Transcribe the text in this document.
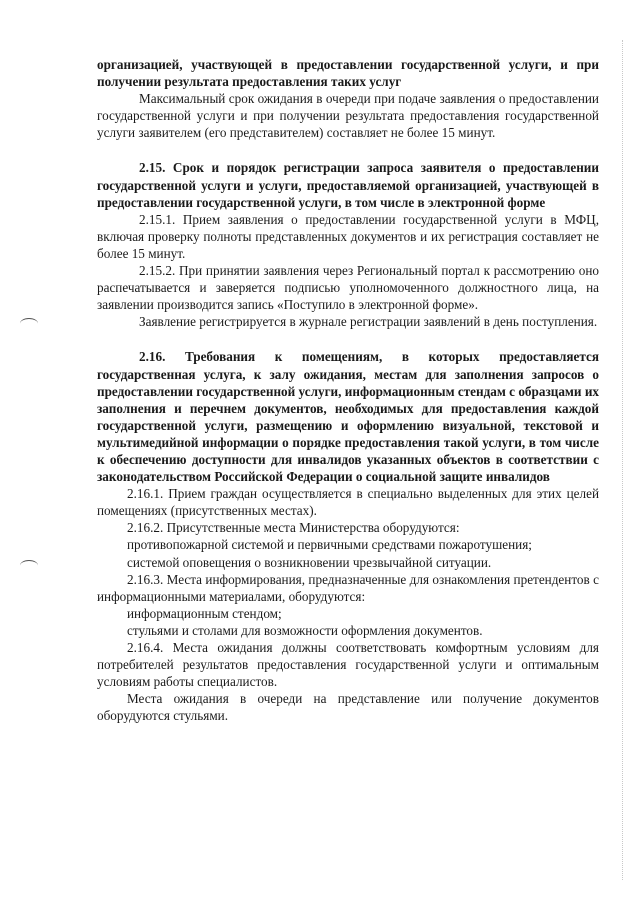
организацией, участвующей в предоставлении государственной услуги, и при получении результата предоставления таких услуг

Максимальный срок ожидания в очереди при подаче заявления о предоставлении государственной услуги и при получении результата предоставления государственной услуги заявителем (его представителем) составляет не более 15 минут.

2.15. Срок и порядок регистрации запроса заявителя о предоставлении государственной услуги и услуги, предоставляемой организацией, участвующей в предоставлении государственной услуги, в том числе в электронной форме

2.15.1. Прием заявления о предоставлении государственной услуги в МФЦ, включая проверку полноты представленных документов и их регистрация составляет не более 15 минут.

2.15.2. При принятии заявления через Региональный портал к рассмотрению оно распечатывается и заверяется подписью уполномоченного должностного лица, на заявлении производится запись «Поступило в электронной форме».

Заявление регистрируется в журнале регистрации заявлений в день поступления.

2.16. Требования к помещениям, в которых предоставляется государственная услуга, к залу ожидания, местам для заполнения запросов о предоставлении государственной услуги, информационным стендам с образцами их заполнения и перечнем документов, необходимых для предоставления каждой государственной услуги, размещению и оформлению визуальной, текстовой и мультимедийной информации о порядке предоставления такой услуги, в том числе к обеспечению доступности для инвалидов указанных объектов в соответствии с законодательством Российской Федерации о социальной защите инвалидов

2.16.1. Прием граждан осуществляется в специально выделенных для этих целей помещениях (присутственных местах).

2.16.2. Присутственные места Министерства оборудуются:

противопожарной системой и первичными средствами пожаротушения;

системой оповещения о возникновении чрезвычайной ситуации.

2.16.3. Места информирования, предназначенные для ознакомления претендентов с информационными материалами, оборудуются:

информационным стендом;

стульями и столами для возможности оформления документов.

2.16.4. Места ожидания должны соответствовать комфортным условиям для потребителей результатов предоставления государственной услуги и оптимальным условиям работы специалистов.

Места ожидания в очереди на представление или получение документов оборудуются стульями.
